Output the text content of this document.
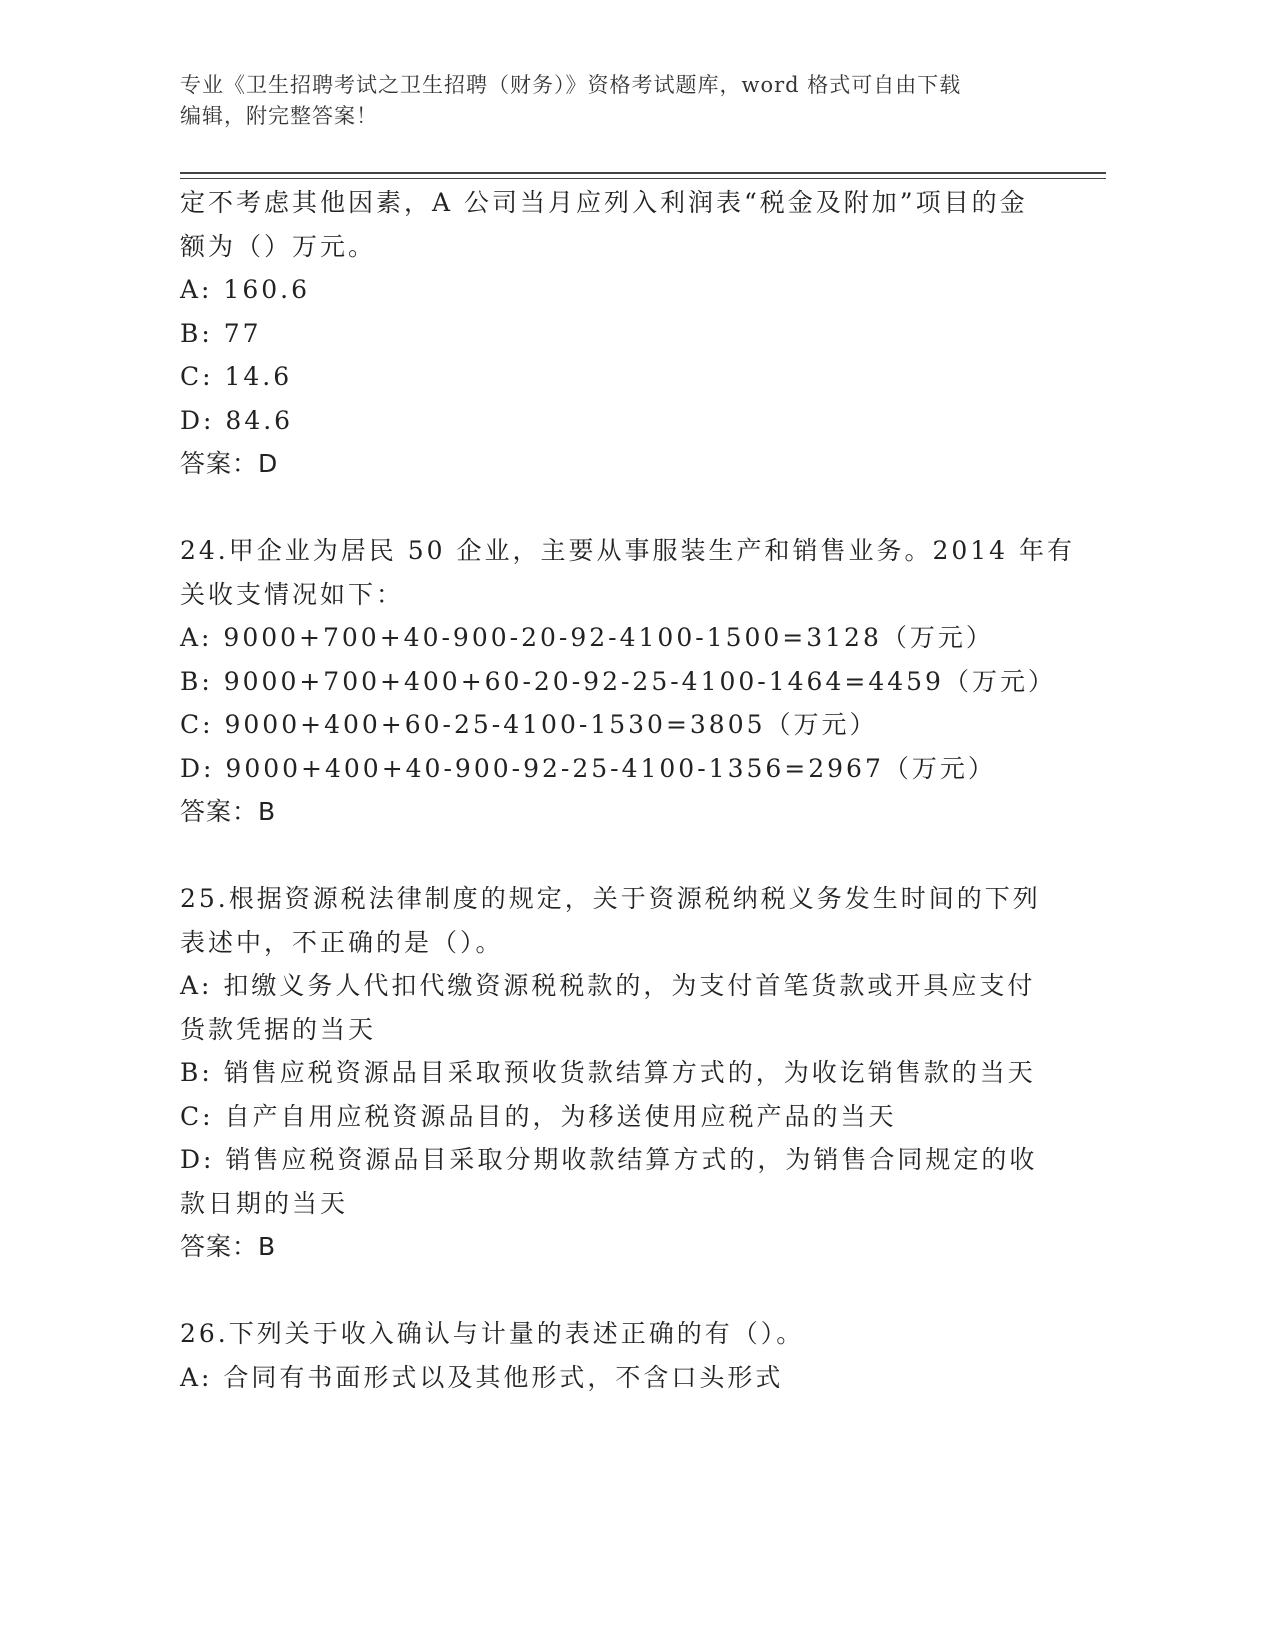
专业《卫生招聘考试之卫生招聘（财务）》资格考试题库，word 格式可自由下载
编辑，附完整答案！
定不考虑其他因素，A 公司当月应列入利润表“税金及附加”项目的金
额为（）万元。
A: 160.6
B: 77
C: 14.6
D: 84.6
答案：D
24.甲企业为居民 50 企业，主要从事服装生产和销售业务。2014 年有
关收支情况如下：
A: 9000+700+40-900-20-92-4100-1500=3128（万元）
B: 9000+700+400+60-20-92-25-4100-1464=4459（万元）
C: 9000+400+60-25-4100-1530=3805（万元）
D: 9000+400+40-900-92-25-4100-1356=2967（万元）
答案：B
25.根据资源税法律制度的规定，关于资源税纳税义务发生时间的下列
表述中，不正确的是（）。
A: 扣缴义务人代扣代缴资源税税款的，为支付首笔货款或开具应支付
货款凭据的当天
B: 销售应税资源品目采取预收货款结算方式的，为收讫销售款的当天
C: 自产自用应税资源品目的，为移送使用应税产品的当天
D: 销售应税资源品目采取分期收款结算方式的，为销售合同规定的收
款日期的当天
答案：B
26.下列关于收入确认与计量的表述正确的有（）。
A: 合同有书面形式以及其他形式，不含口头形式
